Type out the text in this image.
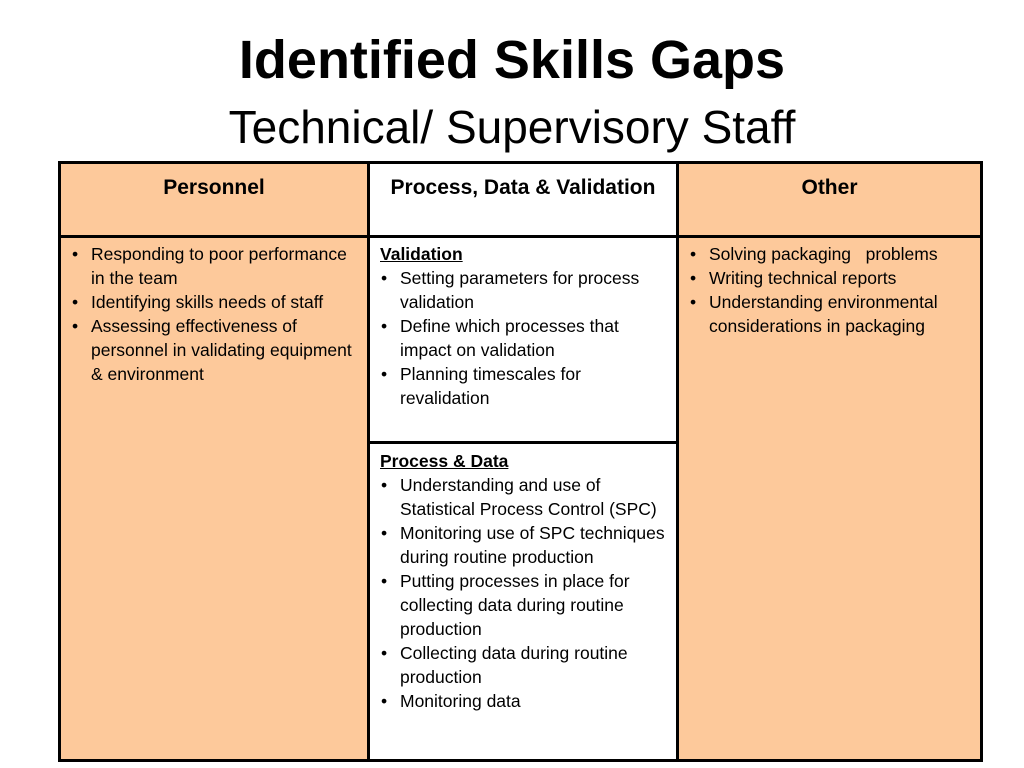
Identified Skills Gaps
Technical/ Supervisory Staff
Personnel	Process, Data & Validation	Other
• Responding to poor performance in the team
• Identifying skills needs of staff
• Assessing effectiveness of personnel in validating equipment & environment
Validation
• Setting parameters for process validation
• Define which processes that impact on validation
• Planning timescales for revalidation
Process & Data
• Understanding and use of Statistical Process Control (SPC)
• Monitoring use of SPC techniques during routine production
• Putting processes in place for collecting data during routine production
• Collecting data during routine production
• Monitoring data
• Solving packaging   problems
• Writing technical reports
• Understanding environmental considerations in packaging
